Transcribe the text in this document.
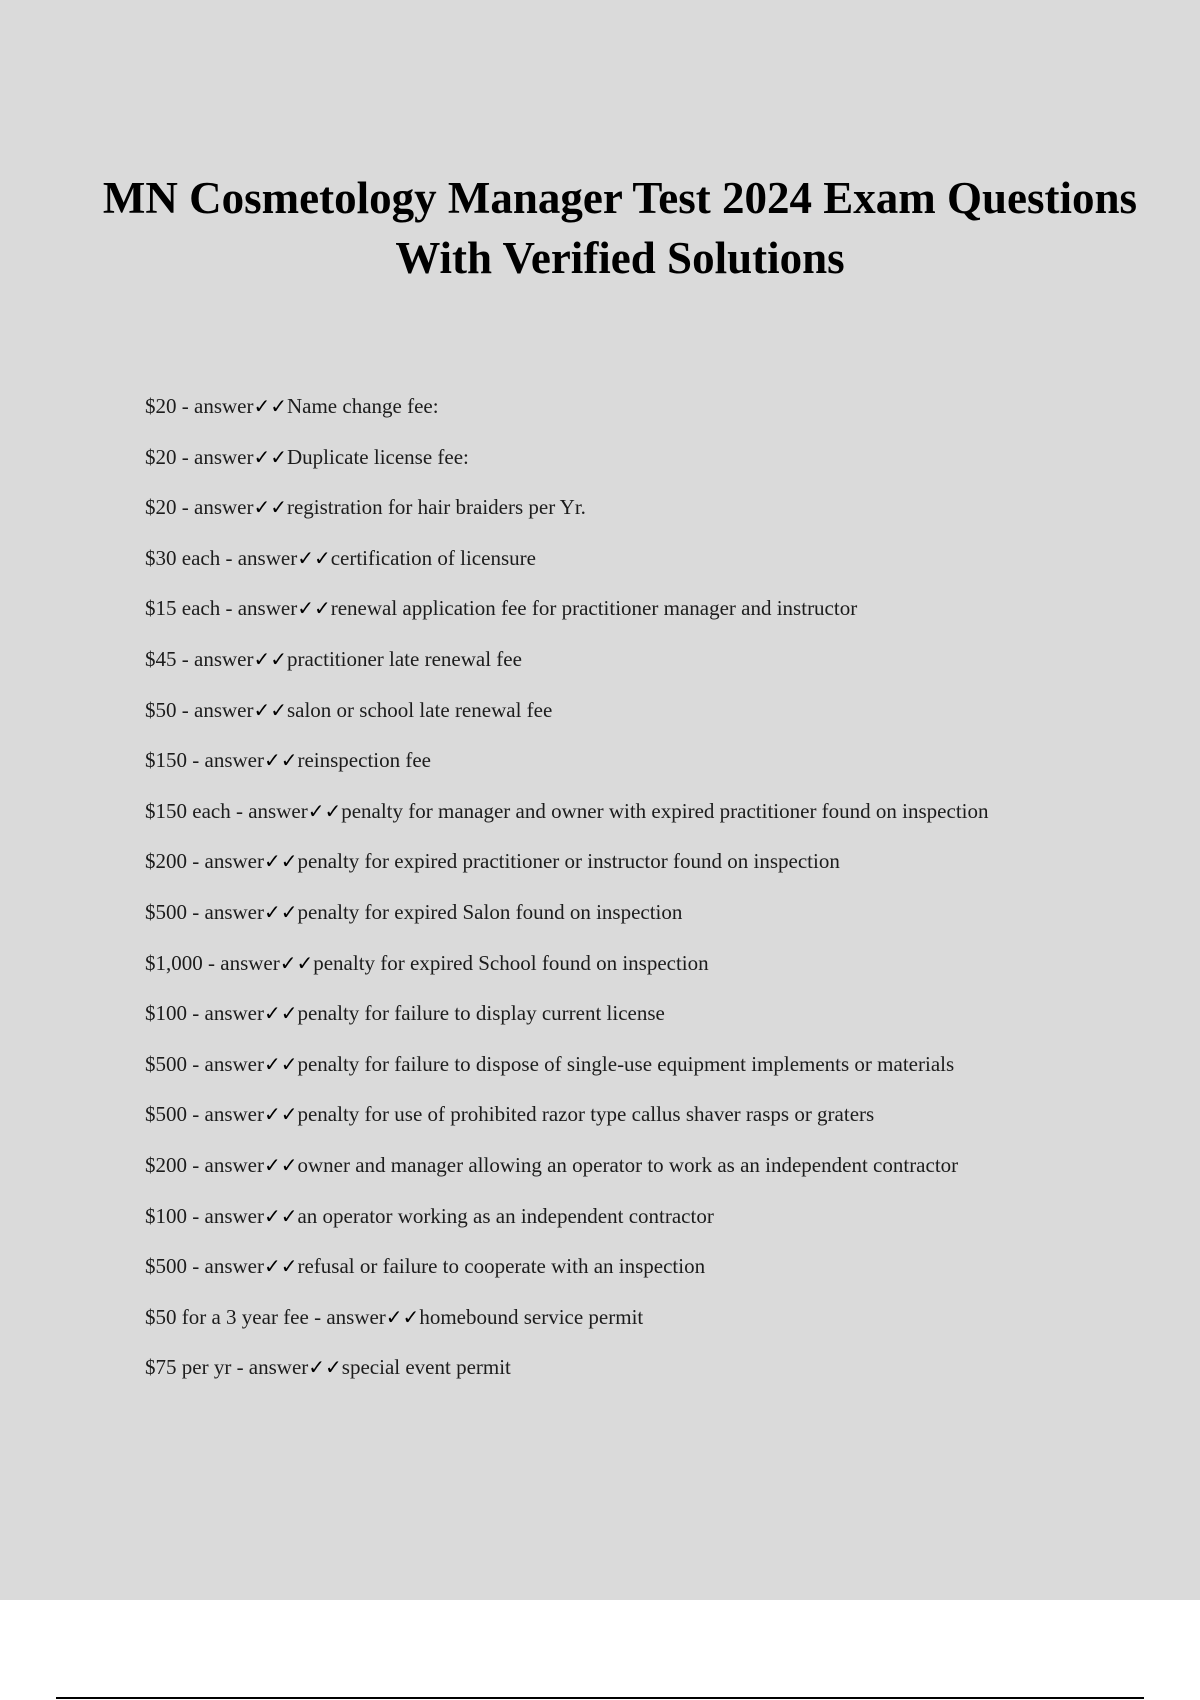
MN Cosmetology Manager Test 2024 Exam Questions With Verified Solutions
$20 - answer✓✓Name change fee:
$20 - answer✓✓Duplicate license fee:
$20 - answer✓✓registration for hair braiders per Yr.
$30 each - answer✓✓certification of licensure
$15 each - answer✓✓renewal application fee for practitioner manager and instructor
$45 - answer✓✓practitioner late renewal fee
$50 - answer✓✓salon or school late renewal fee
$150 - answer✓✓reinspection fee
$150 each - answer✓✓penalty for manager and owner with expired practitioner found on inspection
$200 - answer✓✓penalty for expired practitioner or instructor found on inspection
$500 - answer✓✓penalty for expired Salon found on inspection
$1,000 - answer✓✓penalty for expired School found on inspection
$100 - answer✓✓penalty for failure to display current license
$500 - answer✓✓penalty for failure to dispose of single-use equipment implements or materials
$500 - answer✓✓penalty for use of prohibited razor type callus shaver rasps or graters
$200 - answer✓✓owner and manager allowing an operator to work as an independent contractor
$100 - answer✓✓an operator working as an independent contractor
$500 - answer✓✓refusal or failure to cooperate with an inspection
$50 for a 3 year fee - answer✓✓homebound service permit
$75 per yr - answer✓✓special event permit
